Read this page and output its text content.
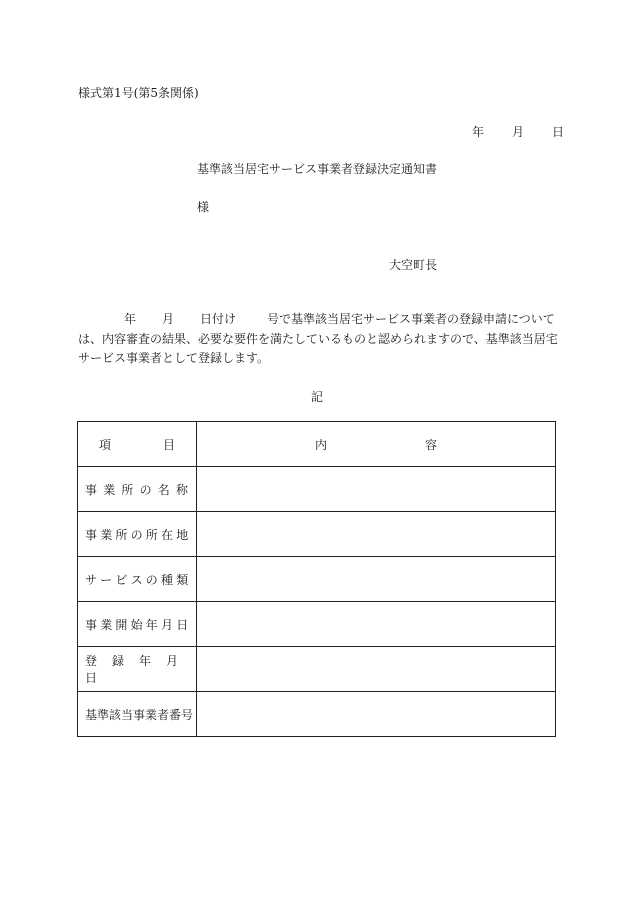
様式第1号(第5条関係)
年 月 日
基準該当居宅サービス事業者登録決定通知書
様
大空町長
年 月 日付け	号で基準該当居宅サービス事業者の登録申請について
は、内容審査の結果、必要な要件を満たしているものと認められますので、基準該当居宅
サービス事業者として登録します。
記
項 目	内 容
事業所の名称	
事業所の所在地	
サービスの種類	
事業開始年月日	
登録年月日	
基準該当事業者番号	
